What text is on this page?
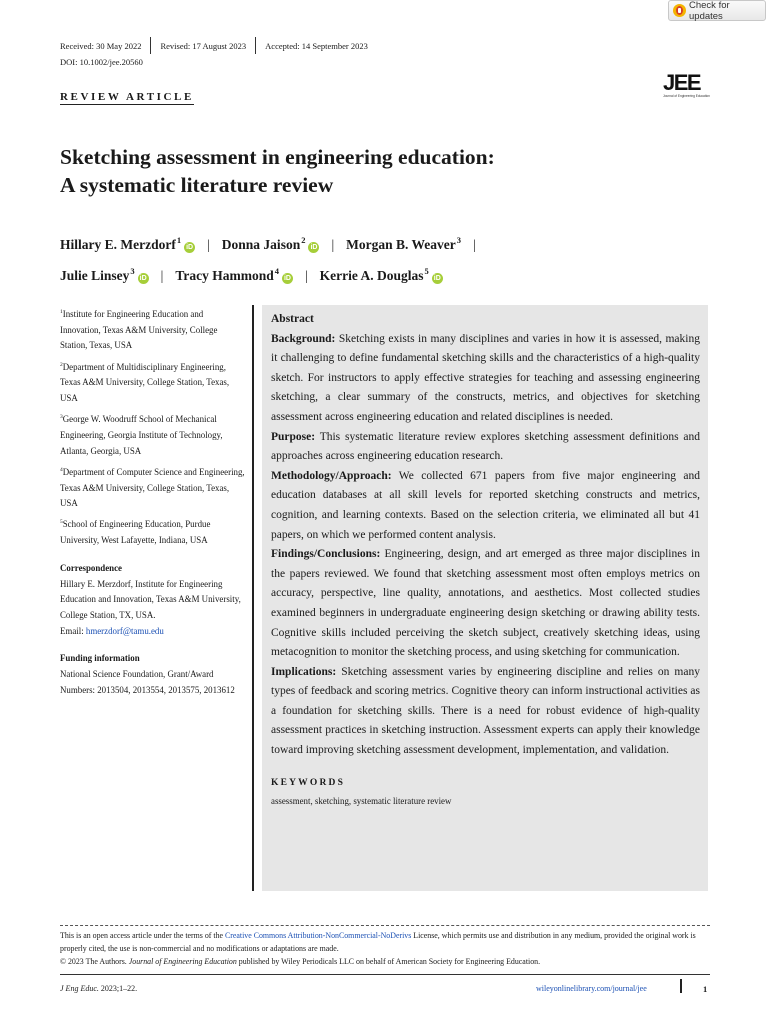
Check for updates
Received: 30 May 2022 Revised: 17 August 2023 Accepted: 14 September 2023
DOI: 10.1002/jee.20560
JEE
Journal of Engineering Education
REVIEW ARTICLE
Sketching assessment in engineering education:
A systematic literature review
Hillary E. Merzdorf$^1$iD | Donna Jaison$^2$iD | Morgan B. Weaver$^3$ |
Julie Linsey$^3$iD | Tracy Hammond$^4$iD | Kerrie A. Douglas$^5$iD
$^1$Institute for Engineering Education and Innovation, Texas A&M University, College Station, Texas, USA
$^2$Department of Multidisciplinary Engineering, Texas A&M University, College Station, Texas, USA
$^3$George W. Woodruff School of Mechanical Engineering, Georgia Institute of Technology, Atlanta, Georgia, USA
$^4$Department of Computer Science and Engineering, Texas A&M University, College Station, Texas, USA
$^5$School of Engineering Education, Purdue University, West Lafayette, Indiana, USA
Correspondence
Hillary E. Merzdorf, Institute for Engineering Education and Innovation, Texas A&M University, College Station, TX, USA.
Email: hmerzdorf@tamu.edu
Funding information
National Science Foundation, Grant/Award Numbers: 2013504, 2013554, 2013575, 2013612
Abstract

Background: Sketching exists in many disciplines and varies in how it is assessed, making it challenging to define fundamental sketching skills and the characteristics of a high-quality sketch. For instructors to apply effective strategies for teaching and assessing engineering sketching, a clear summary of the constructs, metrics, and objectives for sketching assessment across engineering education and related disciplines is needed.

Purpose: This systematic literature review explores sketching assessment definitions and approaches across engineering education research.

Methodology/Approach: We collected 671 papers from five major engineering and education databases at all skill levels for reported sketching constructs and metrics, cognition, and learning contexts. Based on the selection criteria, we eliminated all but 41 papers, on which we performed content analysis.

Findings/Conclusions: Engineering, design, and art emerged as three major disciplines in the papers reviewed. We found that sketching assessment most often employs metrics on accuracy, perspective, line quality, annotations, and aesthetics. Most collected studies examined beginners in undergraduate engineering design sketching or drawing ability tests. Cognitive skills included perceiving the sketch subject, creatively sketching ideas, using metacognition to monitor the sketching process, and using sketching for communication.

Implications: Sketching assessment varies by engineering discipline and relies on many types of feedback and scoring metrics. Cognitive theory can inform instructional activities as a foundation for sketching skills. There is a need for robust evidence of high-quality assessment practices in sketching instruction. Assessment experts can apply their knowledge toward improving sketching assessment development, implementation, and validation.

KEYWORDS
assessment, sketching, systematic literature review
This is an open access article under the terms of the Creative Commons Attribution-NonCommercial-NoDerivs License, which permits use and distribution in any medium, provided the original work is properly cited, the use is non-commercial and no modifications or adaptations are made.
© 2023 The Authors. Journal of Engineering Education published by Wiley Periodicals LLC on behalf of American Society for Engineering Education.
J Eng Educ. 2023;1–22.	wileyonlinelibrary.com/journal/jee	1
